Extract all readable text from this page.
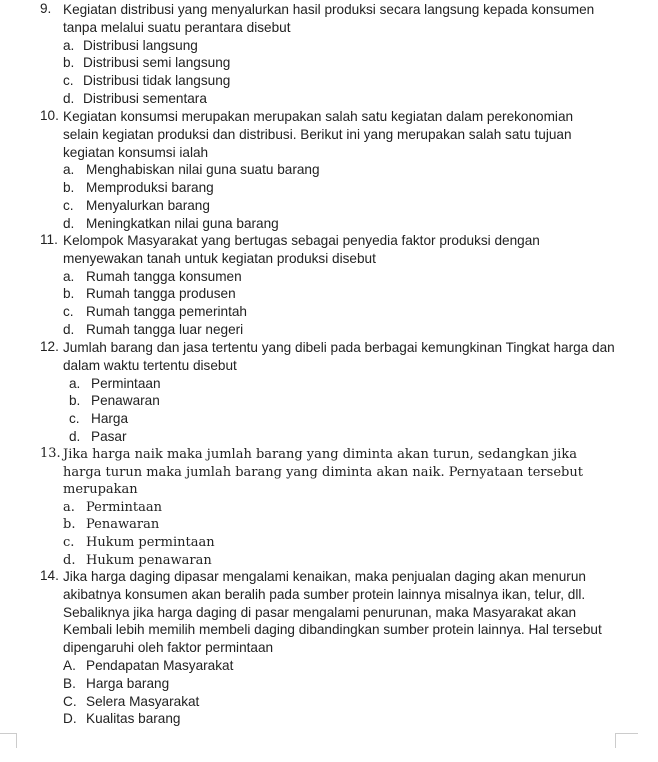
9. Kegiatan distribusi yang menyalurkan hasil produksi secara langsung kepada konsumen tanpa melalui suatu perantara disebut
a. Distribusi langsung
b. Distribusi semi langsung
c. Distribusi tidak langsung
d. Distribusi sementara
10. Kegiatan konsumsi merupakan merupakan salah satu kegiatan dalam perekonomian selain kegiatan produksi dan distribusi. Berikut ini yang merupakan salah satu tujuan kegiatan konsumsi ialah
a. Menghabiskan nilai guna suatu barang
b. Memproduksi barang
c. Menyalurkan barang
d. Meningkatkan nilai guna barang
11. Kelompok Masyarakat yang bertugas sebagai penyedia faktor produksi dengan menyewakan tanah untuk kegiatan produksi disebut
a. Rumah tangga konsumen
b. Rumah tangga produsen
c. Rumah tangga pemerintah
d. Rumah tangga luar negeri
12. Jumlah barang dan jasa tertentu yang dibeli pada berbagai kemungkinan Tingkat harga dan dalam waktu tertentu disebut
a. Permintaan
b. Penawaran
c. Harga
d. Pasar
13. Jika harga naik maka jumlah barang yang diminta akan turun, sedangkan jika harga turun maka jumlah barang yang diminta akan naik. Pernyataan tersebut merupakan
a. Permintaan
b. Penawaran
c. Hukum permintaan
d. Hukum penawaran
14. Jika harga daging dipasar mengalami kenaikan, maka penjualan daging akan menurun akibatnya konsumen akan beralih pada sumber protein lainnya misalnya ikan, telur, dll. Sebaliknya jika harga daging di pasar mengalami penurunan, maka Masyarakat akan Kembali lebih memilih membeli daging dibandingkan sumber protein lainnya. Hal tersebut dipengaruhi oleh faktor permintaan
A. Pendapatan Masyarakat
B. Harga barang
C. Selera Masyarakat
D. Kualitas barang
